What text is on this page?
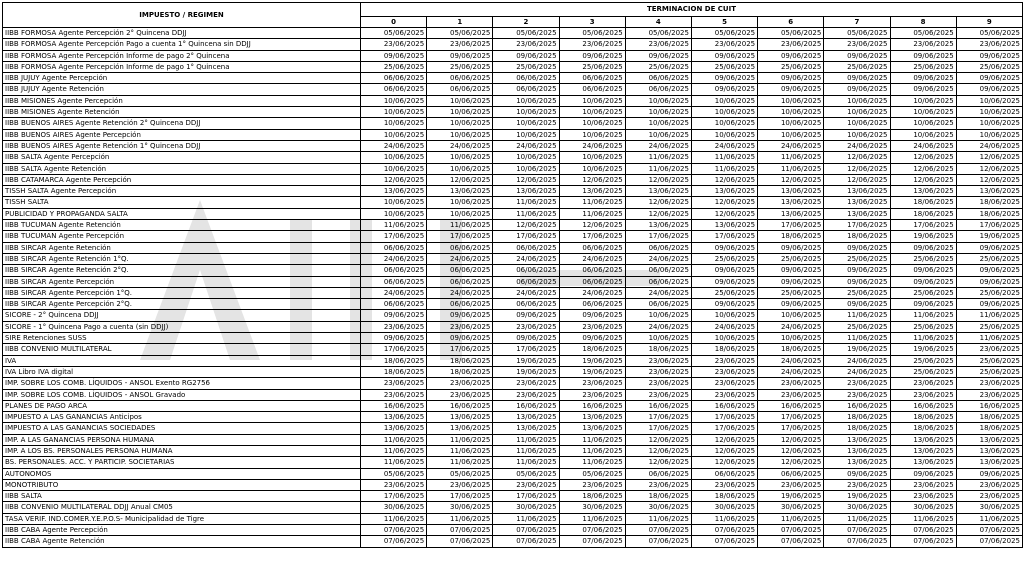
IMPUESTO / REGIMEN	TERMINACION DE CUIT									
	0	1	2	3	4	5	6	7	8	9
IIBB FORMOSA Agente Percepción 2° Quincena DDJJ	05/06/2025	05/06/2025	05/06/2025	05/06/2025	05/06/2025	05/06/2025	05/06/2025	05/06/2025	05/06/2025	05/06/2025
IIBB FORMOSA Agente Percepción Pago a cuenta 1° Quincena sin DDJJ	23/06/2025	23/06/2025	23/06/2025	23/06/2025	23/06/2025	23/06/2025	23/06/2025	23/06/2025	23/06/2025	23/06/2025
IIBB FORMOSA Agente Percepción Informe de pago 2° Quincena	09/06/2025	09/06/2025	09/06/2025	09/06/2025	09/06/2025	09/06/2025	09/06/2025	09/06/2025	09/06/2025	09/06/2025
IIBB FORMOSA Agente Percepción Informe de pago 1° Quincena	25/06/2025	25/06/2025	25/06/2025	25/06/2025	25/06/2025	25/06/2025	25/06/2025	25/06/2025	25/06/2025	25/06/2025
IIBB JUJUY Agente Percepción	06/06/2025	06/06/2025	06/06/2025	06/06/2025	06/06/2025	09/06/2025	09/06/2025	09/06/2025	09/06/2025	09/06/2025
IIBB JUJUY Agente Retención	06/06/2025	06/06/2025	06/06/2025	06/06/2025	06/06/2025	09/06/2025	09/06/2025	09/06/2025	09/06/2025	09/06/2025
IIBB MISIONES Agente Percepción	10/06/2025	10/06/2025	10/06/2025	10/06/2025	10/06/2025	10/06/2025	10/06/2025	10/06/2025	10/06/2025	10/06/2025
IIBB MISIONES Agente Retención	10/06/2025	10/06/2025	10/06/2025	10/06/2025	10/06/2025	10/06/2025	10/06/2025	10/06/2025	10/06/2025	10/06/2025
IIBB BUENOS AIRES Agente Retención 2° Quincena DDJJ	10/06/2025	10/06/2025	10/06/2025	10/06/2025	10/06/2025	10/06/2025	10/06/2025	10/06/2025	10/06/2025	10/06/2025
IIBB BUENOS AIRES Agente Percepción	10/06/2025	10/06/2025	10/06/2025	10/06/2025	10/06/2025	10/06/2025	10/06/2025	10/06/2025	10/06/2025	10/06/2025
IIBB BUENOS AIRES Agente Retención 1° Quincena DDJJ	24/06/2025	24/06/2025	24/06/2025	24/06/2025	24/06/2025	24/06/2025	24/06/2025	24/06/2025	24/06/2025	24/06/2025
IIBB SALTA Agente Percepción	10/06/2025	10/06/2025	10/06/2025	10/06/2025	11/06/2025	11/06/2025	11/06/2025	12/06/2025	12/06/2025	12/06/2025
IIBB SALTA Agente Retención	10/06/2025	10/06/2025	10/06/2025	10/06/2025	11/06/2025	11/06/2025	11/06/2025	12/06/2025	12/06/2025	12/06/2025
IIBB CATAMARCA Agente Percepción	12/06/2025	12/06/2025	12/06/2025	12/06/2025	12/06/2025	12/06/2025	12/06/2025	12/06/2025	12/06/2025	12/06/2025
TISSH SALTA Agente Percepción	13/06/2025	13/06/2025	13/06/2025	13/06/2025	13/06/2025	13/06/2025	13/06/2025	13/06/2025	13/06/2025	13/06/2025
TISSH SALTA	10/06/2025	10/06/2025	11/06/2025	11/06/2025	12/06/2025	12/06/2025	13/06/2025	13/06/2025	18/06/2025	18/06/2025
PUBLICIDAD Y PROPAGANDA SALTA	10/06/2025	10/06/2025	11/06/2025	11/06/2025	12/06/2025	12/06/2025	13/06/2025	13/06/2025	18/06/2025	18/06/2025
IIBB TUCUMAN Agente Retención	11/06/2025	11/06/2025	12/06/2025	12/06/2025	13/06/2025	13/06/2025	17/06/2025	17/06/2025	17/06/2025	17/06/2025
IIBB TUCUMAN Agente Percepción	17/06/2025	17/06/2025	17/06/2025	17/06/2025	17/06/2025	17/06/2025	18/06/2025	18/06/2025	19/06/2025	19/06/2025
IIBB SIRCAR Agente Retención	06/06/2025	06/06/2025	06/06/2025	06/06/2025	06/06/2025	09/06/2025	09/06/2025	09/06/2025	09/06/2025	09/06/2025
IIBB SIRCAR Agente Retención 1°Q.	24/06/2025	24/06/2025	24/06/2025	24/06/2025	24/06/2025	25/06/2025	25/06/2025	25/06/2025	25/06/2025	25/06/2025
IIBB SIRCAR Agente Retención 2°Q.	06/06/2025	06/06/2025	06/06/2025	06/06/2025	06/06/2025	09/06/2025	09/06/2025	09/06/2025	09/06/2025	09/06/2025
IIBB SIRCAR Agente Percepción	06/06/2025	06/06/2025	06/06/2025	06/06/2025	06/06/2025	09/06/2025	09/06/2025	09/06/2025	09/06/2025	09/06/2025
IIBB SIRCAR Agente Percepción 1°Q.	24/06/2025	24/06/2025	24/06/2025	24/06/2025	24/06/2025	25/06/2025	25/06/2025	25/06/2025	25/06/2025	25/06/2025
IIBB SIRCAR Agente Percepción 2°Q.	06/06/2025	06/06/2025	06/06/2025	06/06/2025	06/06/2025	09/06/2025	09/06/2025	09/06/2025	09/06/2025	09/06/2025
SICORE - 2° Quincena DDJJ	09/06/2025	09/06/2025	09/06/2025	09/06/2025	10/06/2025	10/06/2025	10/06/2025	11/06/2025	11/06/2025	11/06/2025
SICORE - 1° Quincena Pago a cuenta (sin DDJJ)	23/06/2025	23/06/2025	23/06/2025	23/06/2025	24/06/2025	24/06/2025	24/06/2025	25/06/2025	25/06/2025	25/06/2025
SIRE Retenciones SUSS	09/06/2025	09/06/2025	09/06/2025	09/06/2025	10/06/2025	10/06/2025	10/06/2025	11/06/2025	11/06/2025	11/06/2025
IIBB CONVENIO MULTILATERAL	17/06/2025	17/06/2025	17/06/2025	18/06/2025	18/06/2025	18/06/2025	18/06/2025	19/06/2025	19/06/2025	23/06/2025
IVA	18/06/2025	18/06/2025	19/06/2025	19/06/2025	23/06/2025	23/06/2025	24/06/2025	24/06/2025	25/06/2025	25/06/2025
IVA Libro IVA digital	18/06/2025	18/06/2025	19/06/2025	19/06/2025	23/06/2025	23/06/2025	24/06/2025	24/06/2025	25/06/2025	25/06/2025
IMP. SOBRE LOS COMB. LÍQUIDOS - ANSOL Exento RG2756	23/06/2025	23/06/2025	23/06/2025	23/06/2025	23/06/2025	23/06/2025	23/06/2025	23/06/2025	23/06/2025	23/06/2025
IMP. SOBRE LOS COMB. LÍQUIDOS - ANSOL Gravado	23/06/2025	23/06/2025	23/06/2025	23/06/2025	23/06/2025	23/06/2025	23/06/2025	23/06/2025	23/06/2025	23/06/2025
PLANES DE PAGO ARCA	16/06/2025	16/06/2025	16/06/2025	16/06/2025	16/06/2025	16/06/2025	16/06/2025	16/06/2025	16/06/2025	16/06/2025
IMPUESTO A LAS GANANCIAS Anticipos	13/06/2025	13/06/2025	13/06/2025	13/06/2025	17/06/2025	17/06/2025	17/06/2025	18/06/2025	18/06/2025	18/06/2025
IMPUESTO A LAS GANANCIAS SOCIEDADES	13/06/2025	13/06/2025	13/06/2025	13/06/2025	17/06/2025	17/06/2025	17/06/2025	18/06/2025	18/06/2025	18/06/2025
IMP. A LAS GANANCIAS PERSONA HUMANA	11/06/2025	11/06/2025	11/06/2025	11/06/2025	12/06/2025	12/06/2025	12/06/2025	13/06/2025	13/06/2025	13/06/2025
IMP. A LOS BS. PERSONALES PERSONA HUMANA	11/06/2025	11/06/2025	11/06/2025	11/06/2025	12/06/2025	12/06/2025	12/06/2025	13/06/2025	13/06/2025	13/06/2025
BS. PERSONALES. ACC. Y PARTICIP. SOCIETARIAS	11/06/2025	11/06/2025	11/06/2025	11/06/2025	12/06/2025	12/06/2025	12/06/2025	13/06/2025	13/06/2025	13/06/2025
AUTONOMOS	05/06/2025	05/06/2025	05/06/2025	05/06/2025	06/06/2025	06/06/2025	06/06/2025	09/06/2025	09/06/2025	09/06/2025
MONOTRIBUTO	23/06/2025	23/06/2025	23/06/2025	23/06/2025	23/06/2025	23/06/2025	23/06/2025	23/06/2025	23/06/2025	23/06/2025
IIBB SALTA	17/06/2025	17/06/2025	17/06/2025	18/06/2025	18/06/2025	18/06/2025	19/06/2025	19/06/2025	23/06/2025	23/06/2025
IIBB CONVENIO MULTILATERAL DDJJ Anual CM05	30/06/2025	30/06/2025	30/06/2025	30/06/2025	30/06/2025	30/06/2025	30/06/2025	30/06/2025	30/06/2025	30/06/2025
TASA VERIF. IND.COMER.Y.E.P.O.S- Municipalidad de Tigre	11/06/2025	11/06/2025	11/06/2025	11/06/2025	11/06/2025	11/06/2025	11/06/2025	11/06/2025	11/06/2025	11/06/2025
IIBB CABA Agente Percepción	07/06/2025	07/06/2025	07/06/2025	07/06/2025	07/06/2025	07/06/2025	07/06/2025	07/06/2025	07/06/2025	07/06/2025
IIBB CABA Agente Retención	07/06/2025	07/06/2025	07/06/2025	07/06/2025	07/06/2025	07/06/2025	07/06/2025	07/06/2025	07/06/2025	07/06/2025
